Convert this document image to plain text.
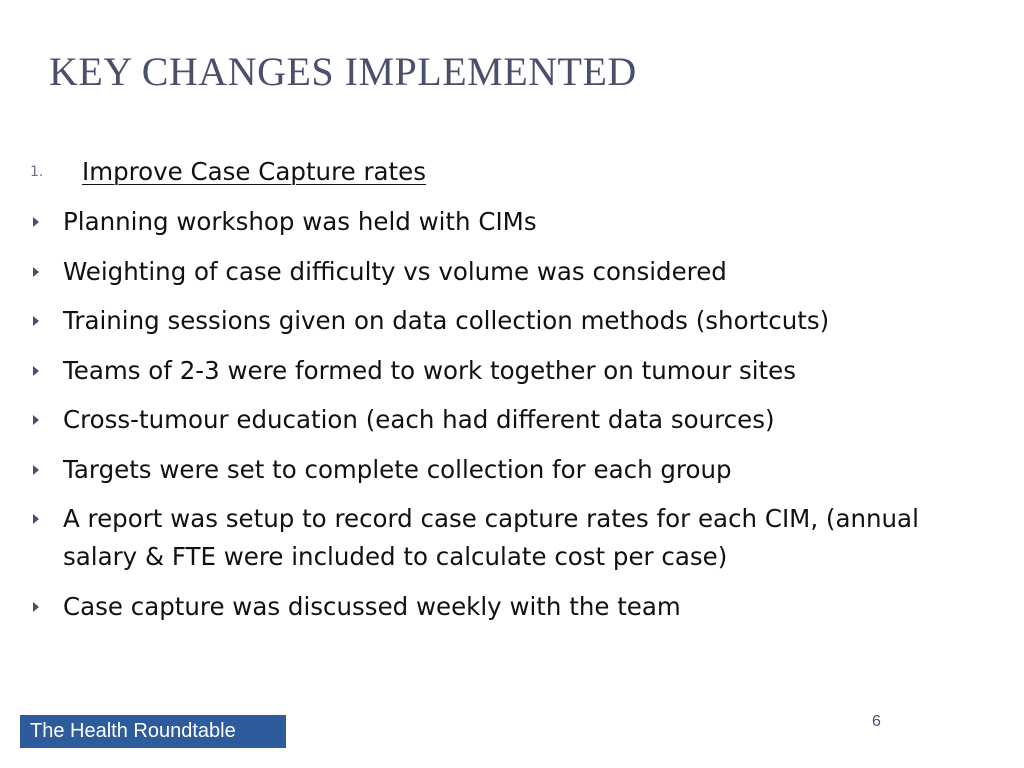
KEY CHANGES IMPLEMENTED
1.	Improve Case Capture rates
Planning workshop was held with CIMs
Weighting of case difficulty vs volume was considered
Training sessions given on data collection methods (shortcuts)
Teams of 2-3 were formed to work together on tumour sites
Cross-tumour education (each had different data sources)
Targets were set to complete collection for each group
A report was setup to record case capture rates for each CIM, (annual salary & FTE were included to calculate cost per case)
Case capture was discussed weekly with the team
The Health Roundtable	6
